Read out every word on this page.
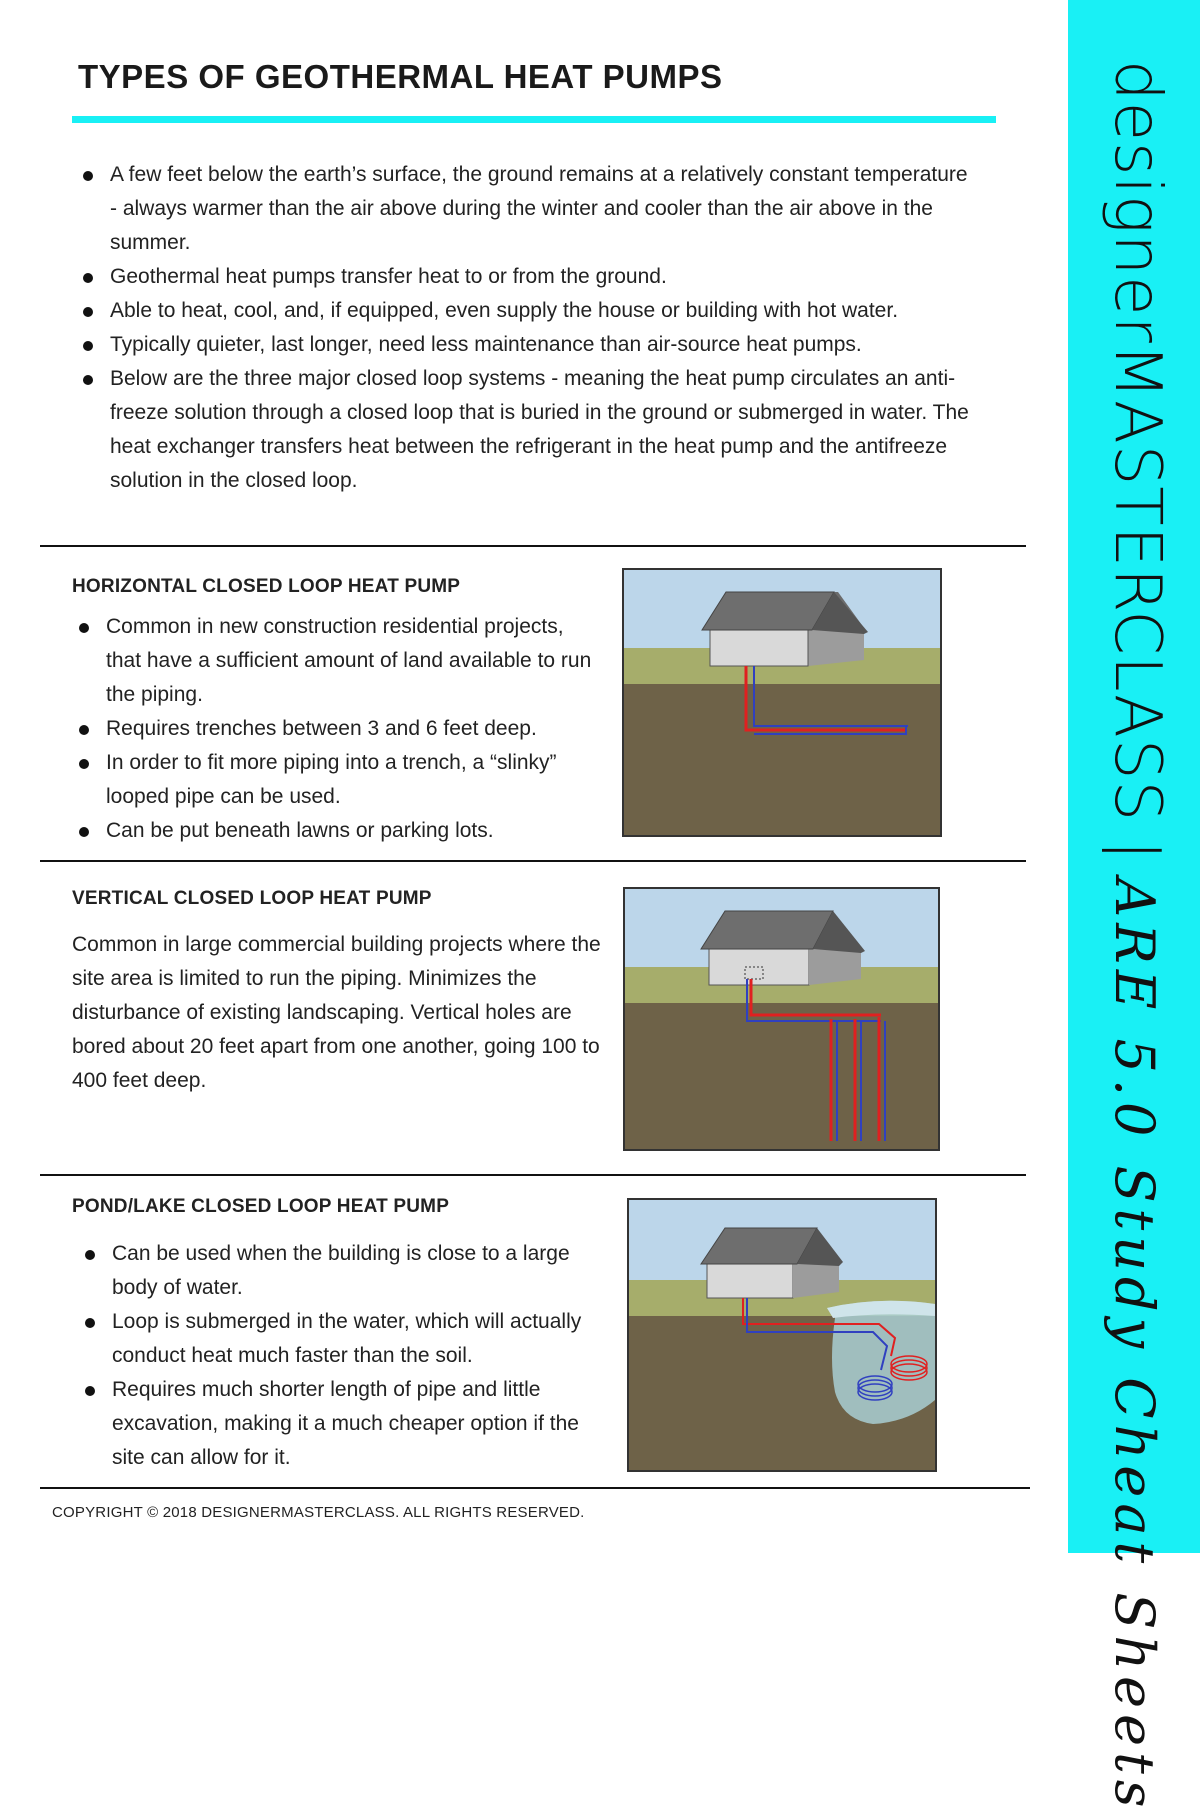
designerMASTERCLASS|ARE 5.0 Study Cheat Sheets
TYPES OF GEOTHERMAL HEAT PUMPS
A few feet below the earth’s surface, the ground remains at a relatively constant temperature - always warmer than the air above during the winter and cooler than the air above in the summer.
Geothermal heat pumps transfer heat to or from the ground.
Able to heat, cool, and, if equipped, even supply the house or building with hot water.
Typically quieter, last longer, need less maintenance than air-source heat pumps.
Below are the three major closed loop systems - meaning the heat pump circulates an anti-freeze solution through a closed loop that is buried in the ground or submerged in water. The heat exchanger transfers heat between the refrigerant in the heat pump and the antifreeze solution in the closed loop.
HORIZONTAL CLOSED LOOP HEAT PUMP
Common in new construction residential projects, that have a sufficient amount of land available to run the piping.
Requires trenches between 3 and 6 feet deep.
In order to fit more piping into a trench, a “slinky” looped pipe can be used.
Can be put beneath lawns or parking lots.
VERTICAL CLOSED LOOP HEAT PUMP

Common in large commercial building projects where the site area is limited to run the piping. Minimizes the disturbance of existing landscaping. Vertical holes are bored about 20 feet apart from one another, going 100 to 400 feet deep.

POND/LAKE CLOSED LOOP HEAT PUMP
Can be used when the building is close to a large body of water.
Loop is submerged in the water, which will actually conduct heat much faster than the soil.
Requires much shorter length of pipe and little excavation, making it a much cheaper option if the site can allow for it.
COPYRIGHT © 2018 DESIGNERMASTERCLASS. ALL RIGHTS RESERVED.
